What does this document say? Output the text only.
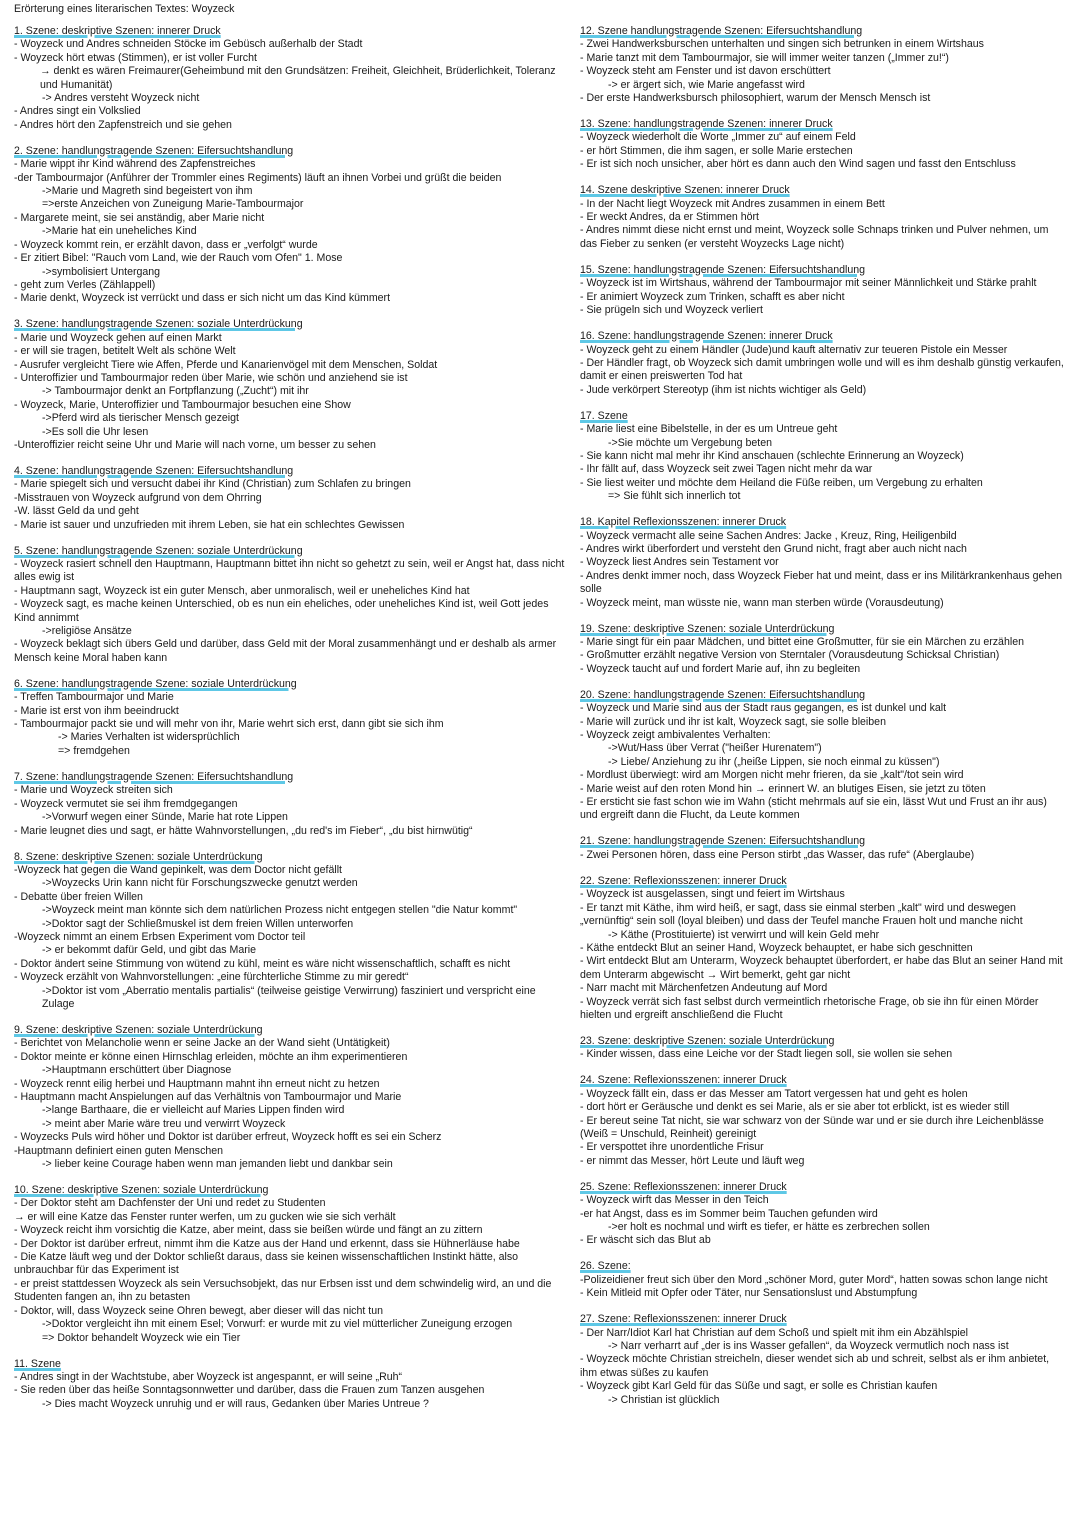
Erörterung eines literarischen Textes: Woyzeck
1. Szene: deskriptive Szenen: innerer Druck

- Woyzeck und Andres schneiden Stöcke im Gebüsch außerhalb der Stadt

- Woyzeck hört etwas (Stimmen), er ist voller Furcht

→ denkt es wären Freimaurer(Geheimbund mit den Grundsätzen: Freiheit, Gleichheit, Brüderlichkeit, Toleranz und Humanität)

-> Andres versteht Woyzeck nicht

- Andres singt ein Volkslied

- Andres hört den Zapfenstreich und sie gehen

2. Szene: handlungstragende Szenen: Eifersuchtshandlung

- Marie wippt ihr Kind während des Zapfenstreiches

-der Tambourmajor (Anführer der Trommler eines Regiments) läuft an ihnen Vorbei und grüßt die beiden

->Marie und Magreth sind begeistert von ihm

=>erste Anzeichen von Zuneigung Marie-Tambourmajor

- Margarete meint, sie sei anständig, aber Marie nicht

->Marie hat ein uneheliches Kind

- Woyzeck kommt rein, er erzählt davon, dass er „verfolgt“ wurde

- Er zitiert Bibel: "Rauch vom Land, wie der Rauch vom Ofen" 1. Mose

->symbolisiert Untergang

- geht zum Verles (Zählappell)

- Marie denkt, Woyzeck ist verrückt und dass er sich nicht um das Kind kümmert

3. Szene: handlungstragende Szenen: soziale Unterdrückung

- Marie und Woyzeck gehen auf einen Markt

- er will sie tragen, betitelt Welt als schöne Welt

- Ausrufer vergleicht Tiere wie Affen, Pferde und Kanarienvögel mit dem Menschen, Soldat

- Unteroffizier und Tambourmajor reden über Marie, wie schön und anziehend sie ist

-> Tambourmajor denkt an Fortpflanzung („Zucht“) mit ihr

- Woyzeck, Marie, Unteroffizier und Tambourmajor besuchen eine Show

->Pferd wird als tierischer Mensch gezeigt

->Es soll die Uhr lesen

-Unteroffizier reicht seine Uhr und Marie will nach vorne, um besser zu sehen

4. Szene: handlungstragende Szenen: Eifersuchtshandlung

- Marie spiegelt sich und versucht dabei ihr Kind (Christian) zum Schlafen zu bringen

-Misstrauen von Woyzeck aufgrund von dem Ohrring

-W. lässt Geld da und geht

- Marie ist sauer und unzufrieden mit ihrem Leben, sie hat ein schlechtes Gewissen

5. Szene: handlungstragende Szenen: soziale Unterdrückung

- Woyzeck rasiert schnell den Hauptmann, Hauptmann bittet ihn nicht so gehetzt zu sein, weil er Angst hat, dass nicht alles ewig ist

- Hauptmann sagt, Woyzeck ist ein guter Mensch, aber unmoralisch, weil er uneheliches Kind hat

- Woyzeck sagt, es mache keinen Unterschied, ob es nun ein eheliches, oder uneheliches Kind ist, weil Gott jedes Kind annimmt

->religiöse Ansätze

- Woyzeck beklagt sich übers Geld und darüber, dass Geld mit der Moral zusammenhängt und er deshalb als armer Mensch keine Moral haben kann

6. Szene: handlungstragende Szene: soziale Unterdrückung

- Treffen Tambourmajor und Marie

- Marie ist erst von ihm beeindruckt

- Tambourmajor packt sie und will mehr von ihr, Marie wehrt sich erst, dann gibt sie sich ihm

-> Maries Verhalten ist widersprüchlich

=> fremdgehen

7. Szene: handlungstragende Szenen: Eifersuchtshandlung

- Marie und Woyzeck streiten sich

- Woyzeck vermutet sie sei ihm fremdgegangen

->Vorwurf wegen einer Sünde, Marie hat rote Lippen

- Marie leugnet dies und sagt, er hätte Wahnvorstellungen, „du red's im Fieber“, „du bist hirnwütig“

8. Szene: deskriptive Szenen: soziale Unterdrückung

-Woyzeck hat gegen die Wand gepinkelt, was dem Doctor nicht gefällt

->Woyzecks Urin kann nicht für Forschungszwecke genutzt werden

- Debatte über freien Willen

->Woyzeck meint man könnte sich dem natürlichen Prozess nicht entgegen stellen "die Natur kommt"

->Doktor sagt der Schließmuskel ist dem freien Willen unterworfen

-Woyzeck nimmt an einem Erbsen Experiment vom Doctor teil

-> er bekommt dafür Geld, und gibt das Marie

- Doktor ändert seine Stimmung von wütend zu kühl, meint es wäre nicht wissenschaftlich, schafft es nicht

- Woyzeck erzählt von Wahnvorstellungen: „eine fürchterliche Stimme zu mir geredt“

->Doktor ist vom „Aberratio mentalis partialis“ (teilweise geistige Verwirrung) fasziniert und verspricht eine Zulage

9. Szene: deskriptive Szenen: soziale Unterdrückung

- Berichtet von Melancholie wenn er seine Jacke an der Wand sieht (Untätigkeit)

- Doktor meinte er könne einen Hirnschlag erleiden, möchte an ihm experimentieren

->Hauptmann erschüttert über Diagnose

- Woyzeck rennt eilig herbei und Hauptmann mahnt ihn erneut nicht zu hetzen

- Hauptmann macht Anspielungen auf das Verhältnis von Tambourmajor und Marie

->lange Barthaare, die er vielleicht auf Maries Lippen finden wird

-> meint aber Marie wäre treu und verwirrt Woyzeck

- Woyzecks Puls wird höher und Doktor ist darüber erfreut, Woyzeck hofft es sei ein Scherz

-Hauptmann definiert einen guten Menschen

-> lieber keine Courage haben wenn man jemanden liebt und dankbar sein

10. Szene: deskriptive Szenen: soziale Unterdrückung

- Der Doktor steht am Dachfenster der Uni und redet zu Studenten

→ er will eine Katze das Fenster runter werfen, um zu gucken wie sie sich verhält

- Woyzeck reicht ihm vorsichtig die Katze, aber meint, dass sie beißen würde und fängt an zu zittern

- Der Doktor ist darüber erfreut, nimmt ihm die Katze aus der Hand und erkennt, dass sie Hühnerläuse habe

- Die Katze läuft weg und der Doktor schließt daraus, dass sie keinen wissenschaftlichen Instinkt hätte, also unbrauchbar für das Experiment ist

- er preist stattdessen Woyzeck als sein Versuchsobjekt, das nur Erbsen isst und dem schwindelig wird, an und die Studenten fangen an, ihn zu betasten

- Doktor, will, dass Woyzeck seine Ohren bewegt, aber dieser will das nicht tun

->Doktor vergleicht ihn mit einem Esel; Vorwurf: er wurde mit zu viel mütterlicher Zuneigung erzogen

=> Doktor behandelt Woyzeck wie ein Tier

11. Szene

- Andres singt in der Wachtstube, aber Woyzeck ist angespannt, er will seine „Ruh“

- Sie reden über das heiße Sonntagsonnwetter und darüber, dass die Frauen zum Tanzen ausgehen

-> Dies macht Woyzeck unruhig und er will raus, Gedanken über Maries Untreue ?

12. Szene handlungstragende Szenen: Eifersuchtshandlung

- Zwei Handwerksburschen unterhalten und singen sich betrunken in einem Wirtshaus

- Marie tanzt mit dem Tambourmajor, sie will immer weiter tanzen („Immer zu!“)

- Woyzeck steht am Fenster und ist davon erschüttert

-> er ärgert sich, wie Marie angefasst wird

- Der erste Handwerksbursch philosophiert, warum der Mensch Mensch ist

13. Szene: handlungstragende Szenen: innerer Druck

- Woyzeck wiederholt die Worte „Immer zu“ auf einem Feld

- er hört Stimmen, die ihm sagen, er solle Marie erstechen

- Er ist sich noch unsicher, aber hört es dann auch den Wind sagen und fasst den Entschluss

14. Szene deskriptive Szenen: innerer Druck

- In der Nacht liegt Woyzeck mit Andres zusammen in einem Bett

- Er weckt Andres, da er Stimmen hört

- Andres nimmt diese nicht ernst und meint, Woyzeck solle Schnaps trinken und Pulver nehmen, um das Fieber zu senken (er versteht Woyzecks Lage nicht)

15. Szene: handlungstragende Szenen: Eifersuchtshandlung

- Woyzeck ist im Wirtshaus, während der Tambourmajor mit seiner Männlichkeit und Stärke prahlt

- Er animiert Woyzeck zum Trinken, schafft es aber nicht

- Sie prügeln sich und Woyzeck verliert

16. Szene: handlungstragende Szenen: innerer Druck

- Woyzeck geht zu einem Händler (Jude)und kauft alternativ zur teueren Pistole ein Messer

- Der Händler fragt, ob Woyzeck sich damit umbringen wolle und will es ihm deshalb günstig verkaufen, damit er einen preiswerten Tod hat

- Jude verkörpert Stereotyp (ihm ist nichts wichtiger als Geld)

17. Szene

- Marie liest eine Bibelstelle, in der es um Untreue geht

->Sie möchte um Vergebung beten

- Sie kann nicht mal mehr ihr Kind anschauen (schlechte Erinnerung an Woyzeck)

- Ihr fällt auf, dass Woyzeck seit zwei Tagen nicht mehr da war

- Sie liest weiter und möchte dem Heiland die Füße reiben, um Vergebung zu erhalten

=> Sie fühlt sich innerlich tot

18. Kapitel Reflexionsszenen: innerer Druck

- Woyzeck vermacht alle seine Sachen Andres: Jacke , Kreuz, Ring, Heiligenbild

- Andres wirkt überfordert und versteht den Grund nicht, fragt aber auch nicht nach

- Woyzeck liest Andres sein Testament vor

- Andres denkt immer noch, dass Woyzeck Fieber hat und meint, dass er ins Militärkrankenhaus gehen solle

- Woyzeck meint, man wüsste nie, wann man sterben würde (Vorausdeutung)

19. Szene: deskriptive Szenen: soziale Unterdrückung

- Marie singt für ein paar Mädchen, und bittet eine Großmutter, für sie ein Märchen zu erzählen

- Großmutter erzählt negative Version von Sterntaler (Vorausdeutung Schicksal Christian)

- Woyzeck taucht auf und fordert Marie auf, ihn zu begleiten

20. Szene: handlungstragende Szenen: Eifersuchtshandlung

- Woyzeck und Marie sind aus der Stadt raus gegangen, es ist dunkel und kalt

- Marie will zurück und ihr ist kalt, Woyzeck sagt, sie solle bleiben

- Woyzeck zeigt ambivalentes Verhalten:

->Wut/Hass über Verrat ("heißer Hurenatem")

-> Liebe/ Anziehung zu ihr („heiße Lippen, sie noch einmal zu küssen")

- Mordlust überwiegt: wird am Morgen nicht mehr frieren, da sie „kalt"/tot sein wird

- Marie weist auf den roten Mond hin → erinnert W. an blutiges Eisen, sie jetzt zu töten

- Er ersticht sie fast schon wie im Wahn (sticht mehrmals auf sie ein, lässt Wut und Frust an ihr aus) und ergreift dann die Flucht, da Leute kommen

21. Szene: handlungstragende Szenen: Eifersuchtshandlung

- Zwei Personen hören, dass eine Person stirbt „das Wasser, das rufe“ (Aberglaube)

22. Szene: Reflexionsszenen: innerer Druck

- Woyzeck ist ausgelassen, singt und feiert im Wirtshaus

- Er tanzt mit Käthe, ihm wird heiß, er sagt, dass sie einmal sterben „kalt" wird und deswegen „vernünftig“ sein soll (loyal bleiben) und dass der Teufel manche Frauen holt und manche nicht

-> Käthe (Prostituierte) ist verwirrt und will kein Geld mehr

- Käthe entdeckt Blut an seiner Hand, Woyzeck behauptet, er habe sich geschnitten

- Wirt entdeckt Blut am Unterarm, Woyzeck behauptet überfordert, er habe das Blut an seiner Hand mit dem Unterarm abgewischt → Wirt bemerkt, geht gar nicht

- Narr macht mit Märchenfetzen Andeutung auf Mord

- Woyzeck verrät sich fast selbst durch vermeintlich rhetorische Frage, ob sie ihn für einen Mörder hielten und ergreift anschließend die Flucht

23. Szene: deskriptive Szenen: soziale Unterdrückung

- Kinder wissen, dass eine Leiche vor der Stadt liegen soll, sie wollen sie sehen

24. Szene: Reflexionsszenen: innerer Druck

- Woyzeck fällt ein, dass er das Messer am Tatort vergessen hat und geht es holen

- dort hört er Geräusche und denkt es sei Marie, als er sie aber tot erblickt, ist es wieder still

- Er bereut seine Tat nicht, sie war schwarz von der Sünde war und er sie durch ihre Leichenblässe (Weiß = Unschuld, Reinheit) gereinigt

- Er verspottet ihre unordentliche Frisur

- er nimmt das Messer, hört Leute und läuft weg

25. Szene: Reflexionsszenen: innerer Druck

- Woyzeck wirft das Messer in den Teich

-er hat Angst, dass es im Sommer beim Tauchen gefunden wird

->er holt es nochmal und wirft es tiefer, er hätte es zerbrechen sollen

- Er wäscht sich das Blut ab

26. Szene:

-Polizeidiener freut sich über den Mord „schöner Mord, guter Mord“, hatten sowas schon lange nicht

- Kein Mitleid mit Opfer oder Täter, nur Sensationslust und Abstumpfung

27. Szene: Reflexionsszenen: innerer Druck

- Der Narr/Idiot Karl hat Christian auf dem Schoß und spielt mit ihm ein Abzählspiel

-> Narr verharrt auf „der is ins Wasser gefallen“, da Woyzeck vermutlich noch nass ist

- Woyzeck möchte Christian streicheln, dieser wendet sich ab und schreit, selbst als er ihm anbietet, ihm etwas süßes zu kaufen

- Woyzeck gibt Karl Geld für das Süße und sagt, er solle es Christian kaufen

-> Christian ist glücklich
